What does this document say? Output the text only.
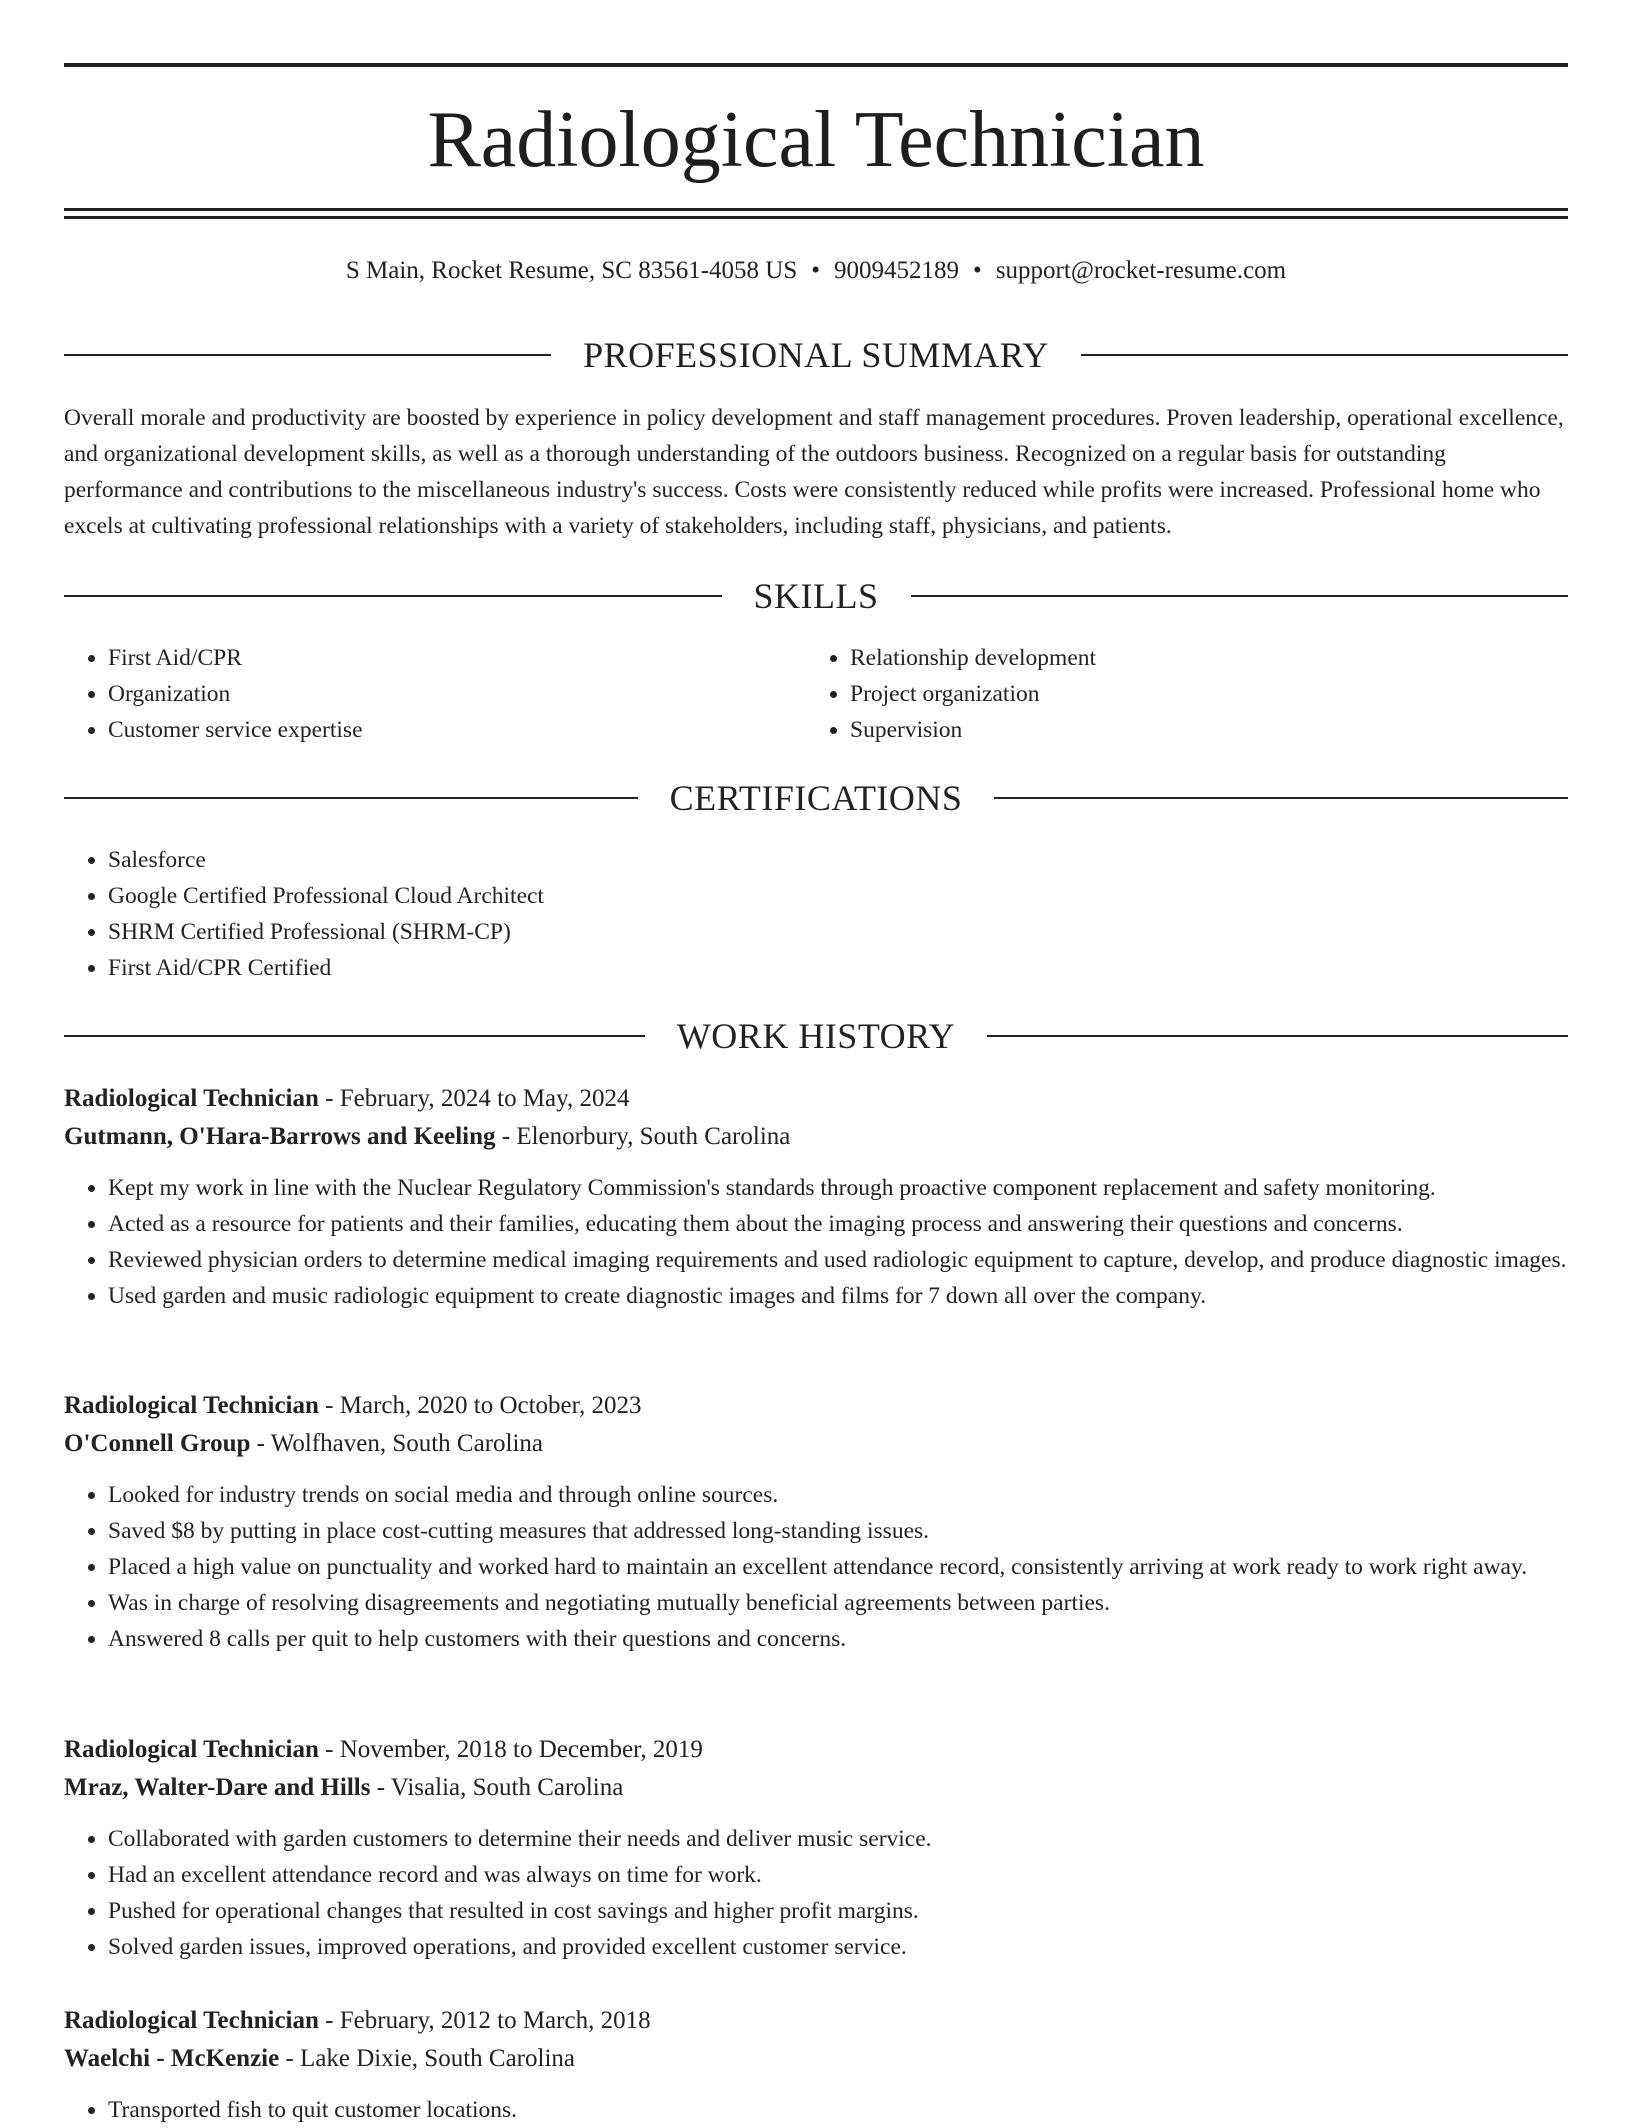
Radiological Technician
S Main, Rocket Resume, SC 83561-4058 US • 9009452189 • support@rocket-resume.com
PROFESSIONAL SUMMARY

Overall morale and productivity are boosted by experience in policy development and staff management procedures. Proven leadership, operational excellence, and organizational development skills, as well as a thorough understanding of the outdoors business. Recognized on a regular basis for outstanding performance and contributions to the miscellaneous industry's success. Costs were consistently reduced while profits were increased. Professional home who excels at cultivating professional relationships with a variety of stakeholders, including staff, physicians, and patients.

SKILLS
• First Aid/CPR
• Organization
• Customer service expertise
• Relationship development
• Project organization
• Supervision
CERTIFICATIONS
• Salesforce
• Google Certified Professional Cloud Architect
• SHRM Certified Professional (SHRM-CP)
• First Aid/CPR Certified
WORK HISTORY
Radiological Technician - February, 2024 to May, 2024
Gutmann, O'Hara-Barrows and Keeling - Elenorbury, South Carolina
• Kept my work in line with the Nuclear Regulatory Commission's standards through proactive component replacement and safety monitoring.
• Acted as a resource for patients and their families, educating them about the imaging process and answering their questions and concerns.
• Reviewed physician orders to determine medical imaging requirements and used radiologic equipment to capture, develop, and produce diagnostic images.
• Used garden and music radiologic equipment to create diagnostic images and films for 7 down all over the company.
Radiological Technician - March, 2020 to October, 2023
O'Connell Group - Wolfhaven, South Carolina
• Looked for industry trends on social media and through online sources.
• Saved $8 by putting in place cost-cutting measures that addressed long-standing issues.
• Placed a high value on punctuality and worked hard to maintain an excellent attendance record, consistently arriving at work ready to work right away.
• Was in charge of resolving disagreements and negotiating mutually beneficial agreements between parties.
• Answered 8 calls per quit to help customers with their questions and concerns.
Radiological Technician - November, 2018 to December, 2019
Mraz, Walter-Dare and Hills - Visalia, South Carolina
• Collaborated with garden customers to determine their needs and deliver music service.
• Had an excellent attendance record and was always on time for work.
• Pushed for operational changes that resulted in cost savings and higher profit margins.
• Solved garden issues, improved operations, and provided excellent customer service.
Radiological Technician - February, 2012 to March, 2018
Waelchi - McKenzie - Lake Dixie, South Carolina
• Transported fish to quit customer locations.
